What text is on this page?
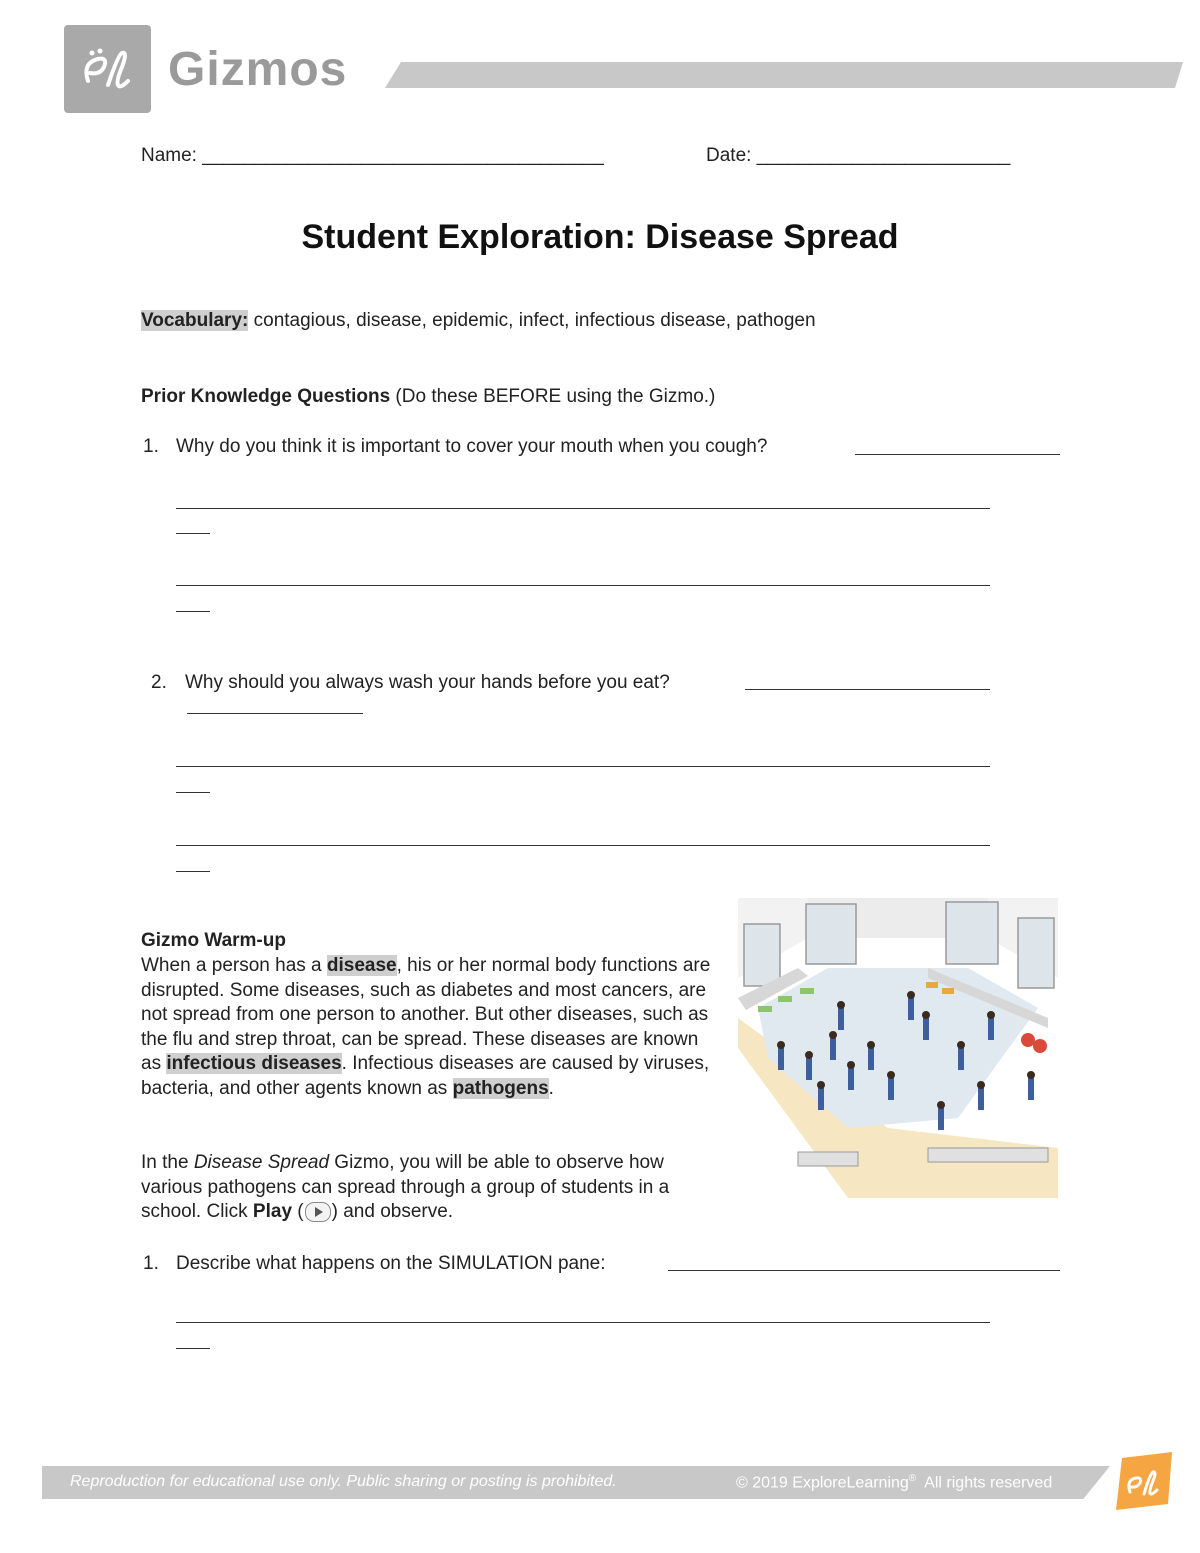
Gizmos
Name: ______________________________________	Date: ________________________
Student Exploration: Disease Spread
Vocabulary: contagious, disease, epidemic, infect, infectious disease, pathogen
Prior Knowledge Questions (Do these BEFORE using the Gizmo.)
1. Why do you think it is important to cover your mouth when you cough?
2. Why should you always wash your hands before you eat?
Gizmo Warm-up
When a person has a disease, his or her normal body functions are disrupted. Some diseases, such as diabetes and most cancers, are not spread from one person to another. But other diseases, such as the flu and strep throat, can be spread. These diseases are known as infectious diseases. Infectious diseases are caused by viruses, bacteria, and other agents known as pathogens.
In the Disease Spread Gizmo, you will be able to observe how various pathogens can spread through a group of students in a school. Click Play ( ) and observe.
1. Describe what happens on the SIMULATION pane:
Reproduction for educational use only. Public sharing or posting is prohibited.	© 2019 ExploreLearning®  All rights reserved
